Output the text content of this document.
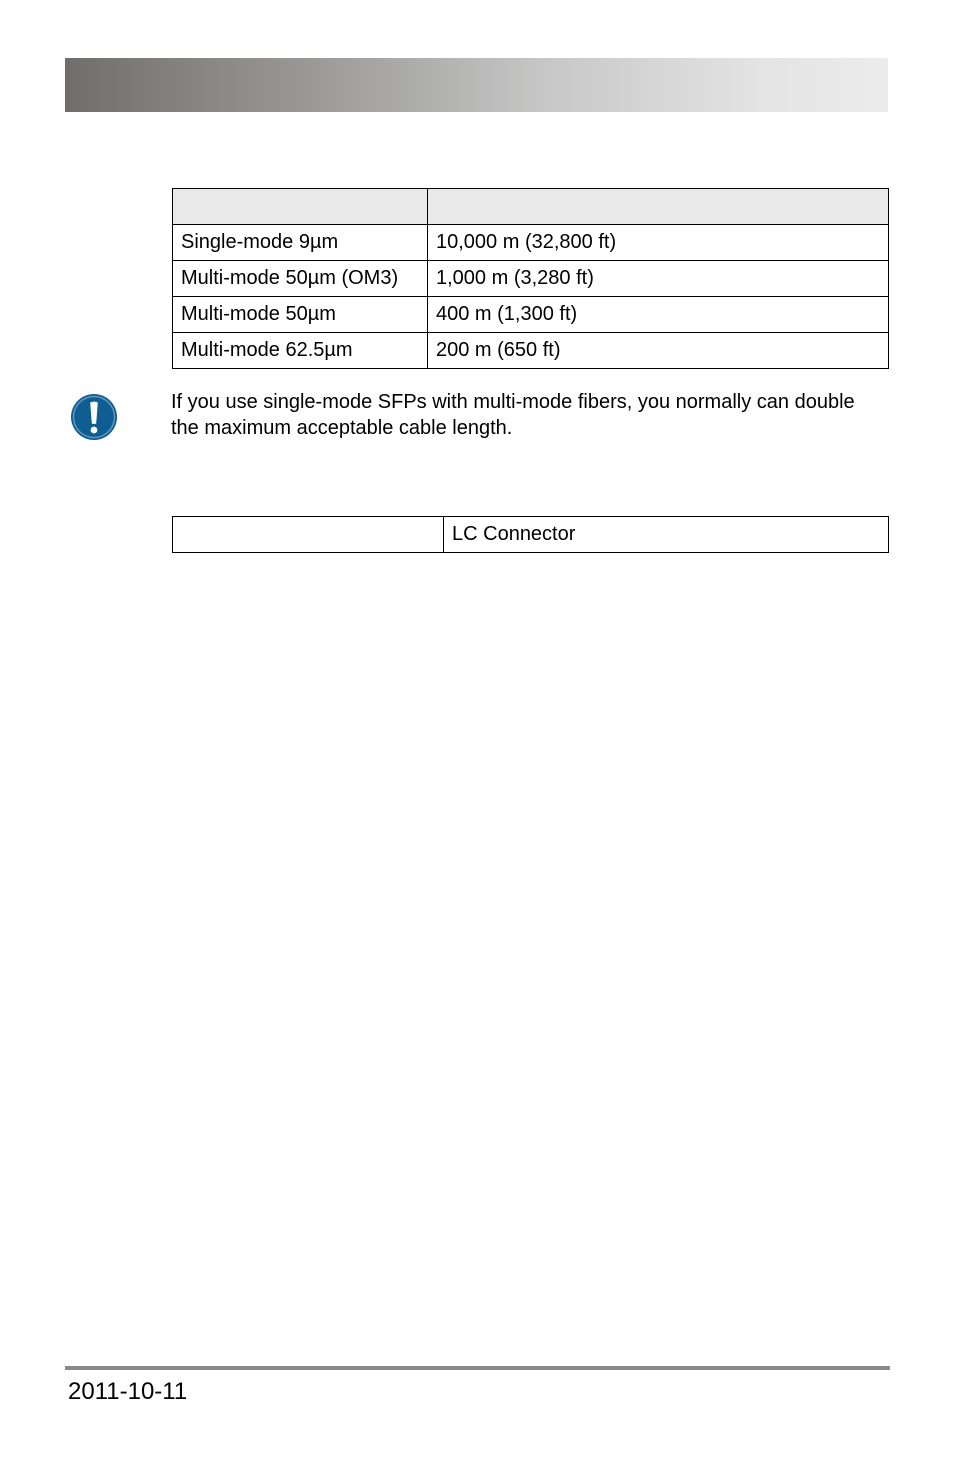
Single-mode 9µm	10,000 m (32,800 ft)
Multi-mode 50µm (OM3)	1,000 m (3,280 ft)
Multi-mode 50µm	400 m (1,300 ft)
Multi-mode 62.5µm	200 m (650 ft)
If you use single-mode SFPs with multi-mode fibers, you normally can double the maximum acceptable cable length.
	LC Connector
2011-10-11
